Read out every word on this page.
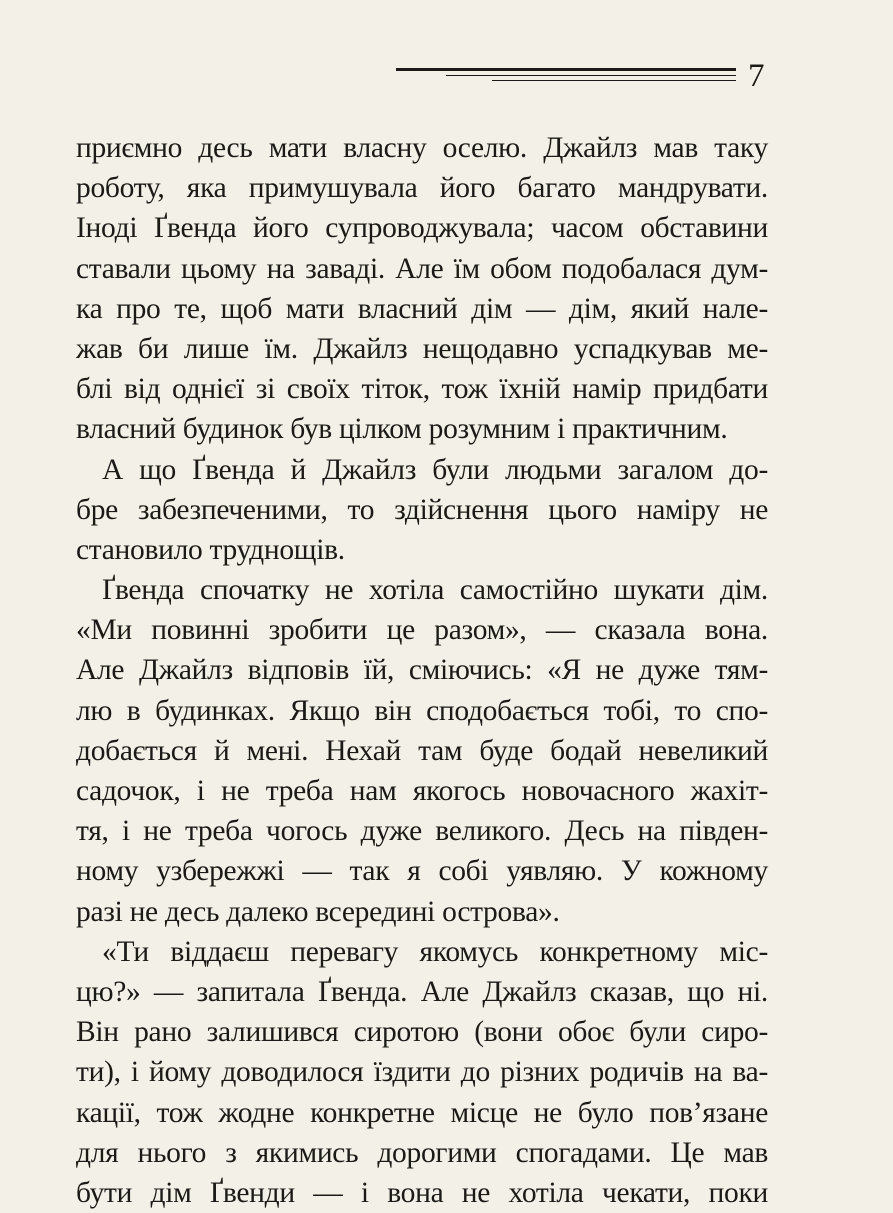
7
приємно десь мати власну оселю. Джайлз мав таку
роботу, яка примушувала його багато мандрувати.
Іноді Ґвенда його супроводжувала; часом обставини
ставали цьому на заваді. Але їм обом подобалася дум-
ка про те, щоб мати власний дім — дім, який нале-
жав би лише їм. Джайлз нещодавно успадкував ме-
блі від однієї зі своїх тіток, тож їхній намір придбати
власний будинок був цілком розумним і практичним.
А що Ґвенда й Джайлз були людьми загалом до-
бре забезпеченими, то здійснення цього наміру не
становило труднощів.
Ґвенда спочатку не хотіла самостійно шукати дім.
«Ми повинні зробити це разом», — сказала вона.
Але Джайлз відповів їй, сміючись: «Я не дуже тям-
лю в будинках. Якщо він сподобається тобі, то спо-
добається й мені. Нехай там буде бодай невеликий
садочок, і не треба нам якогось новочасного жахіт-
тя, і не треба чогось дуже великого. Десь на півден-
ному узбережжі — так я собі уявляю. У кожному
разі не десь далеко всередині острова».
«Ти віддаєш перевагу якомусь конкретному міс-
цю?» — запитала Ґвенда. Але Джайлз сказав, що ні.
Він рано залишився сиротою (вони обоє були сиро-
ти), і йому доводилося їздити до різних родичів на ва-
кації, тож жодне конкретне місце не було пов’язане
для нього з якимись дорогими спогадами. Це мав
бути дім Ґвенди — і вона не хотіла чекати, поки
